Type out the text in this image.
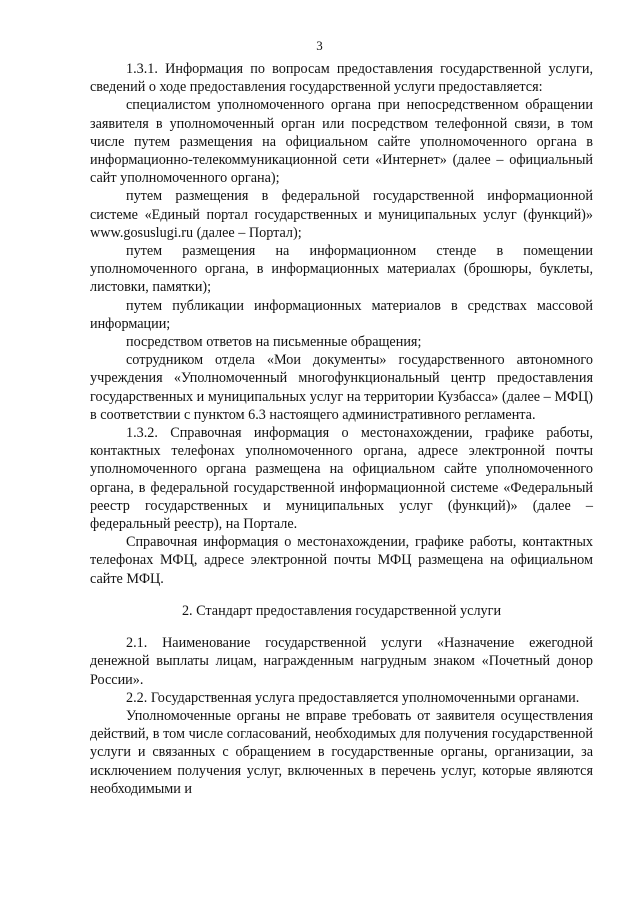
3

1.3.1. Информация по вопросам предоставления государственной услуги, сведений о ходе предоставления государственной услуги предоставляется:

специалистом уполномоченного органа при непосредственном обращении заявителя в уполномоченный орган или посредством телефонной связи, в том числе путем размещения на официальном сайте уполномоченного органа в информационно-телекоммуникационной сети «Интернет» (далее – официальный сайт уполномоченного органа);

путем размещения в федеральной государственной информационной системе «Единый портал государственных и муниципальных услуг (функций)» www.gosuslugi.ru (далее – Портал);

путем размещения на информационном стенде в помещении уполномоченного органа, в информационных материалах (брошюры, буклеты, листовки, памятки);

путем публикации информационных материалов в средствах массовой информации;

посредством ответов на письменные обращения;

сотрудником отдела «Мои документы» государственного автономного учреждения «Уполномоченный многофункциональный центр предоставления государственных и муниципальных услуг на территории Кузбасса» (далее – МФЦ) в соответствии с пунктом 6.3 настоящего административного регламента.

1.3.2. Справочная информация о местонахождении, графике работы, контактных телефонах уполномоченного органа, адресе электронной почты уполномоченного органа размещена на официальном сайте уполномоченного органа, в федеральной государственной информационной системе «Федеральный реестр государственных и муниципальных услуг (функций)» (далее – федеральный реестр), на Портале.

Справочная информация о местонахождении, графике работы, контактных телефонах МФЦ, адресе электронной почты МФЦ размещена на официальном сайте МФЦ.

2. Стандарт предоставления государственной услуги

2.1. Наименование государственной услуги «Назначение ежегодной денежной выплаты лицам, награжденным нагрудным знаком «Почетный донор России».

2.2. Государственная услуга предоставляется уполномоченными органами.

Уполномоченные органы не вправе требовать от заявителя осуществления действий, в том числе согласований, необходимых для получения государственной услуги и связанных с обращением в государственные органы, организации, за исключением получения услуг, включенных в перечень услуг, которые являются необходимыми и
